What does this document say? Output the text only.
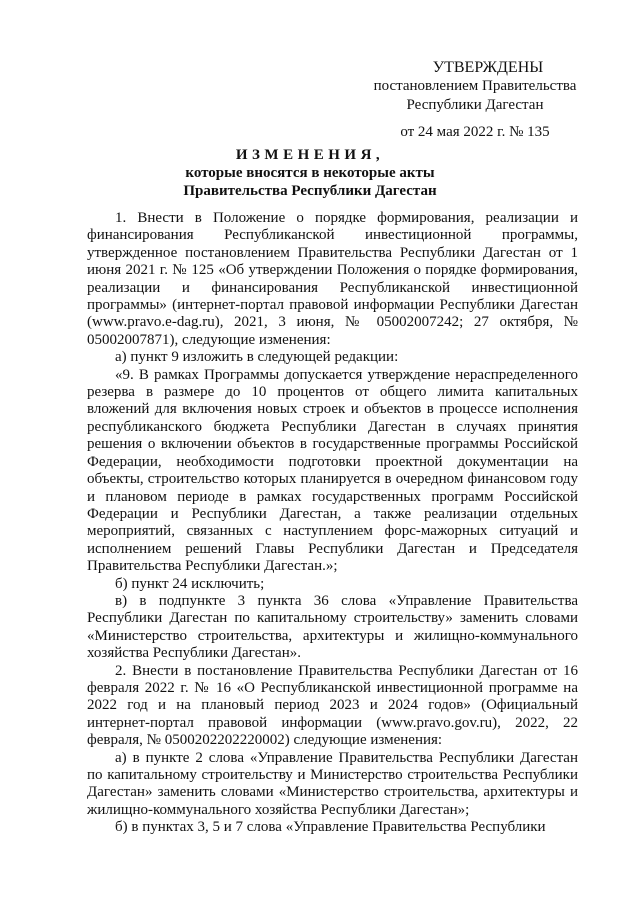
УТВЕРЖДЕНЫ
постановлением Правительства
Республики Дагестан
от 24 мая 2022 г. № 135
ИЗМЕНЕНИЯ,
которые вносятся в некоторые акты
Правительства Республики Дагестан

1. Внести в Положение о порядке формирования, реализации и финансирования Республиканской инвестиционной программы, утвержденное постановлением Правительства Республики Дагестан от 1 июня 2021 г. № 125 «Об утверждении Положения о порядке формирования, реализации и финансирования Республиканской инвестиционной программы» (интернет-портал правовой информации Республики Дагестан (www.pravo.e-dag.ru), 2021, 3 июня, № 05002007242; 27 октября, № 05002007871), следующие изменения:

а) пункт 9 изложить в следующей редакции:

«9. В рамках Программы допускается утверждение нераспределенного резерва в размере до 10 процентов от общего лимита капитальных вложений для включения новых строек и объектов в процессе исполнения республиканского бюджета Республики Дагестан в случаях принятия решения о включении объектов в государственные программы Российской Федерации, необходимости подготовки проектной документации на объекты, строительство которых планируется в очередном финансовом году и плановом периоде в рамках государственных программ Российской Федерации и Республики Дагестан, а также реализации отдельных мероприятий, связанных с наступлением форс-мажорных ситуаций и исполнением решений Главы Республики Дагестан и Председателя Правительства Республики Дагестан.»;

б) пункт 24 исключить;

в) в подпункте 3 пункта 36 слова «Управление Правительства Республики Дагестан по капитальному строительству» заменить словами «Министерство строительства, архитектуры и жилищно-коммунального хозяйства Республики Дагестан».

2. Внести в постановление Правительства Республики Дагестан от 16 февраля 2022 г. № 16 «О Республиканской инвестиционной программе на 2022 год и на плановый период 2023 и 2024 годов» (Официальный интернет-портал правовой информации (www.pravo.gov.ru), 2022, 22 февраля, № 0500202202220002) следующие изменения:

а) в пункте 2 слова «Управление Правительства Республики Дагестан по капитальному строительству и Министерство строительства Республики Дагестан» заменить словами «Министерство строительства, архитектуры и жилищно-коммунального хозяйства Республики Дагестан»;

б) в пунктах 3, 5 и 7 слова «Управление Правительства Республики
